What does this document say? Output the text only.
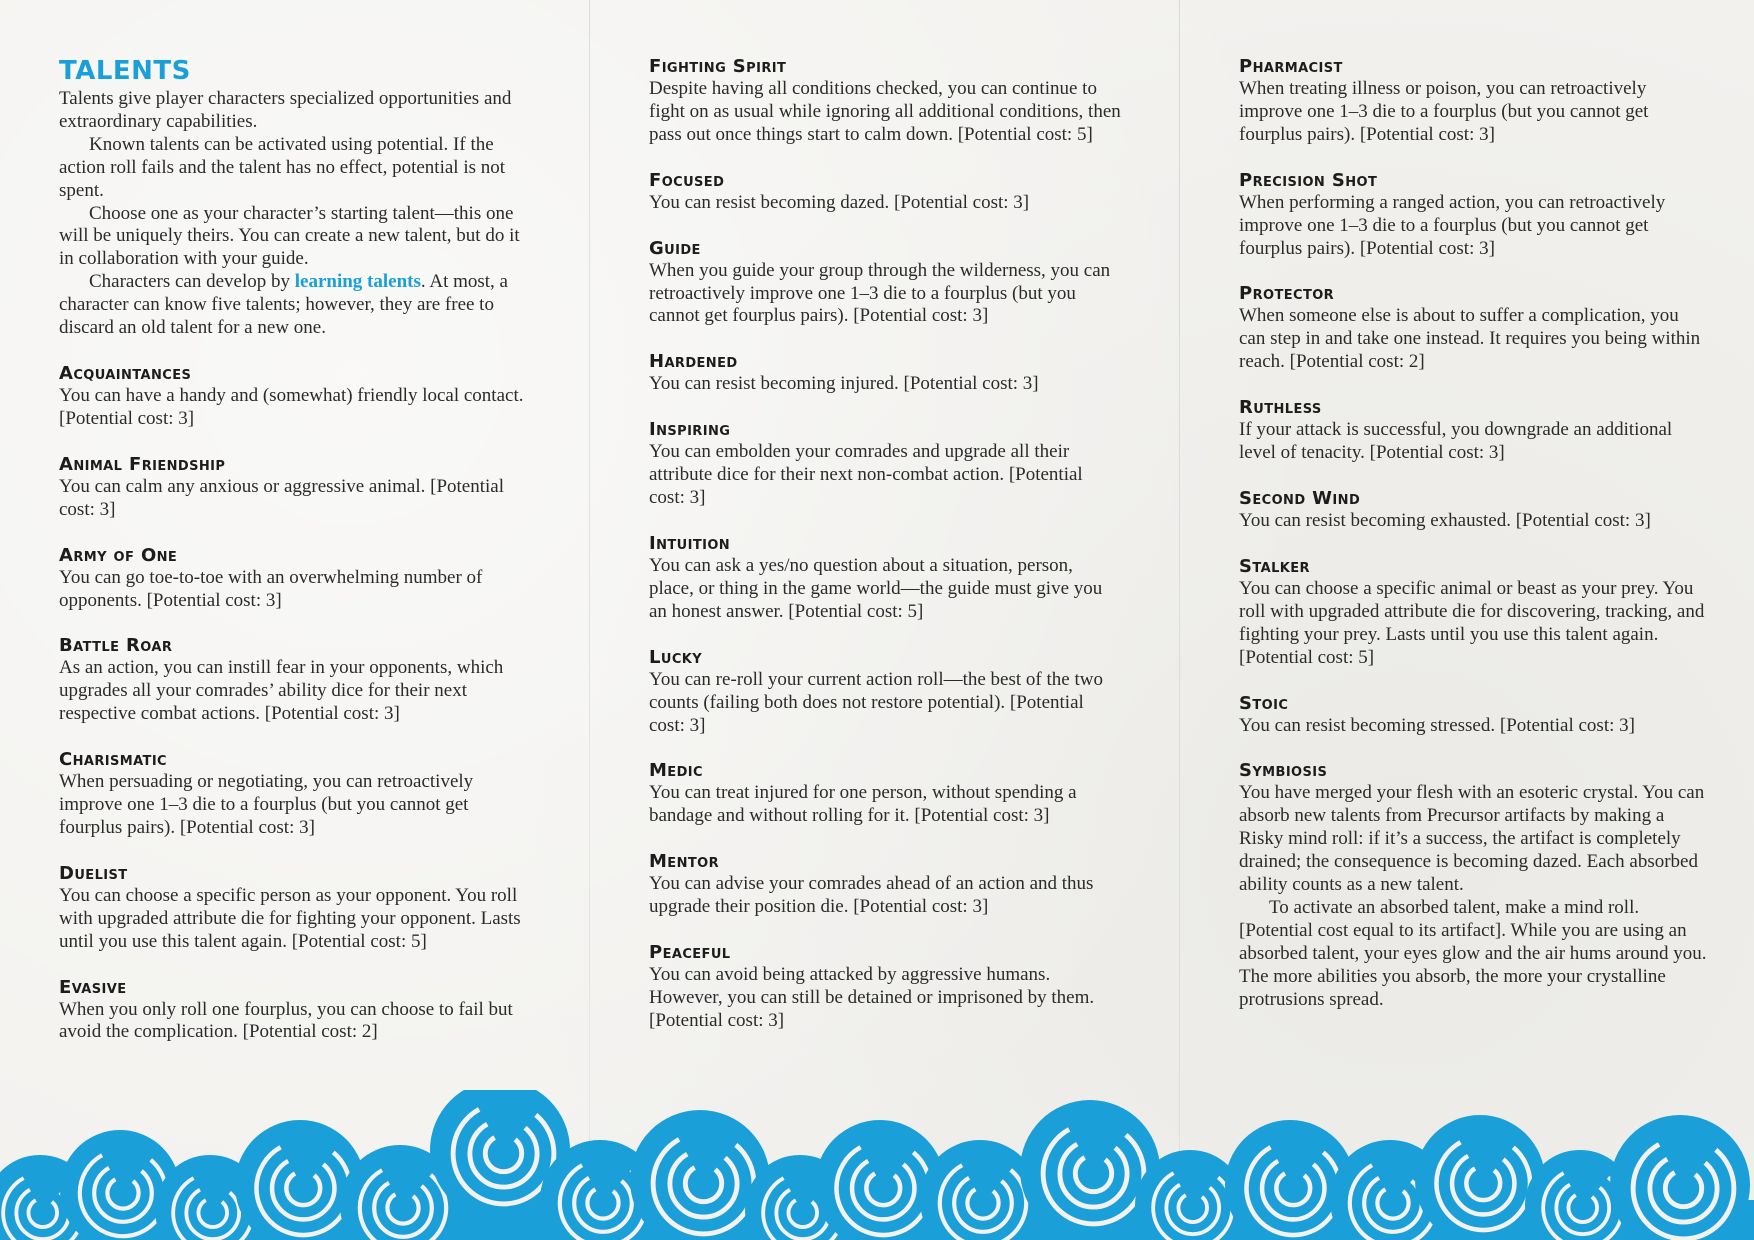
TALENTS

Talents give player characters specialized opportunities and extraordinary capabilities.

Known talents can be activated using potential. If the action roll fails and the talent has no effect, potential is not spent.

Choose one as your character’s starting talent—this one will be uniquely theirs. You can create a new talent, but do it in collaboration with your guide.

Characters can develop by learning talents. At most, a character can know five talents; however, they are free to discard an old talent for a new one.

Acquaintances

You can have a handy and (somewhat) friendly local contact. [Potential cost: 3]

Animal Friendship

You can calm any anxious or aggressive animal. [Potential cost: 3]

Army of One

You can go toe-to-toe with an overwhelming number of opponents. [Potential cost: 3]

Battle Roar

As an action, you can instill fear in your opponents, which upgrades all your comrades’ ability dice for their next respective combat actions. [Potential cost: 3]

Charismatic

When persuading or negotiating, you can retroactively improve one 1–3 die to a fourplus (but you cannot get fourplus pairs). [Potential cost: 3]

Duelist

You can choose a specific person as your opponent. You roll with upgraded attribute die for fighting your opponent. Lasts until you use this talent again. [Potential cost: 5]

Evasive

When you only roll one fourplus, you can choose to fail but avoid the complication. [Potential cost: 2]

Fighting Spirit

Despite having all conditions checked, you can continue to fight on as usual while ignoring all additional conditions, then pass out once things start to calm down. [Potential cost: 5]

Focused

You can resist becoming dazed. [Potential cost: 3]

Guide

When you guide your group through the wilderness, you can retroactively improve one 1–3 die to a fourplus (but you cannot get fourplus pairs). [Potential cost: 3]

Hardened

You can resist becoming injured. [Potential cost: 3]

Inspiring

You can embolden your comrades and upgrade all their attribute dice for their next non-combat action. [Potential cost: 3]

Intuition

You can ask a yes/no question about a situation, person, place, or thing in the game world—the guide must give you an honest answer. [Potential cost: 5]

Lucky

You can re-roll your current action roll—the best of the two counts (failing both does not restore potential). [Potential cost: 3]

Medic

You can treat injured for one person, without spending a bandage and without rolling for it. [Potential cost: 3]

Mentor

You can advise your comrades ahead of an action and thus upgrade their position die. [Potential cost: 3]

Peaceful

You can avoid being attacked by aggressive humans. However, you can still be detained or imprisoned by them. [Potential cost: 3]

Pharmacist

When treating illness or poison, you can retroactively improve one 1–3 die to a fourplus (but you cannot get fourplus pairs). [Potential cost: 3]

Precision Shot

When performing a ranged action, you can retroactively improve one 1–3 die to a fourplus (but you cannot get fourplus pairs). [Potential cost: 3]

Protector

When someone else is about to suffer a complication, you can step in and take one instead. It requires you being within reach. [Potential cost: 2]

Ruthless

If your attack is successful, you downgrade an additional level of tenacity. [Potential cost: 3]

Second Wind

You can resist becoming exhausted. [Potential cost: 3]

Stalker

You can choose a specific animal or beast as your prey. You roll with upgraded attribute die for discovering, tracking, and fighting your prey. Lasts until you use this talent again. [Potential cost: 5]

Stoic

You can resist becoming stressed. [Potential cost: 3]

Symbiosis

You have merged your flesh with an esoteric crystal. You can absorb new talents from Precursor artifacts by making a Risky mind roll: if it’s a success, the artifact is completely drained; the consequence is becoming dazed. Each absorbed ability counts as a new talent.

To activate an absorbed talent, make a mind roll. [Potential cost equal to its artifact]. While you are using an absorbed talent, your eyes glow and the air hums around you. The more abilities you absorb, the more your crystalline protrusions spread.
